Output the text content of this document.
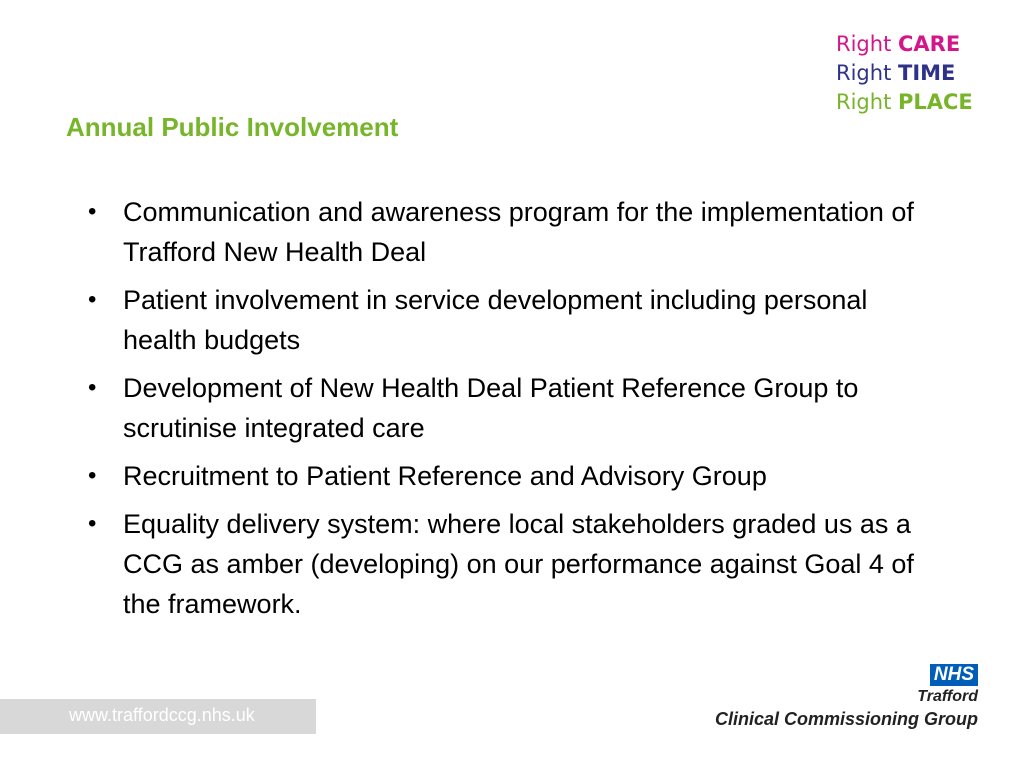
Annual Public Involvement
Right CARE
Right TIME
Right PLACE
• Communication and awareness program for the implementation of Trafford New Health Deal
• Patient involvement in service development including personal health budgets
• Development of New Health Deal Patient Reference Group to scrutinise integrated care
• Recruitment to Patient Reference and Advisory Group
• Equality delivery system: where local stakeholders graded us as a CCG as amber (developing) on our performance against Goal 4 of the framework.
www.traffordccg.nhs.uk
NHS
Trafford
Clinical Commissioning Group
